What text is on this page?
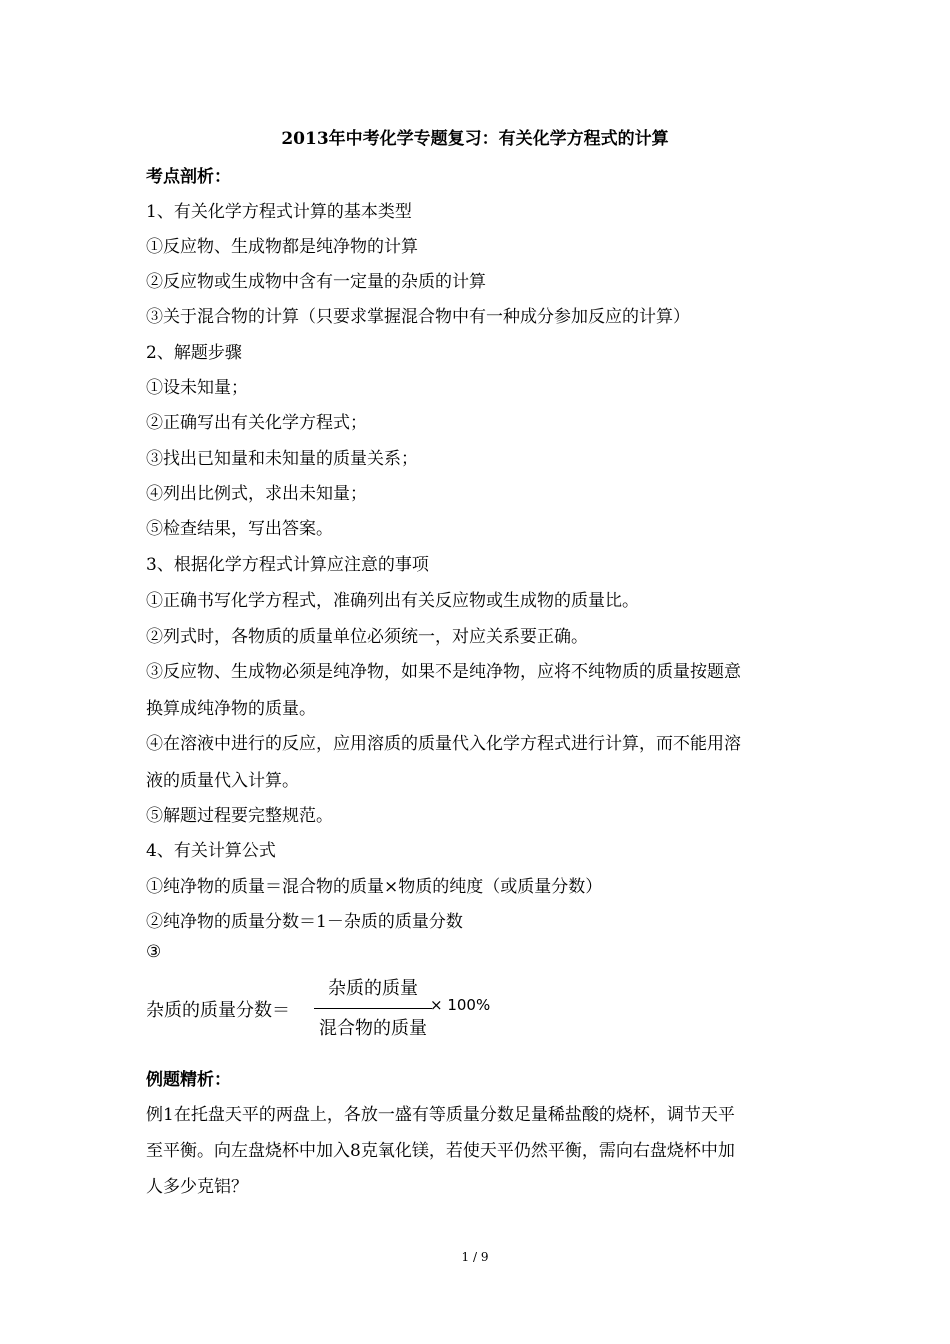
2013年中考化学专题复习：有关化学方程式的计算
考点剖析：
1、有关化学方程式计算的基本类型
①反应物、生成物都是纯净物的计算
②反应物或生成物中含有一定量的杂质的计算
③关于混合物的计算（只要求掌握混合物中有一种成分参加反应的计算）
2、解题步骤
①设未知量；
②正确写出有关化学方程式；
③找出已知量和未知量的质量关系；
④列出比例式，求出未知量；
⑤检查结果，写出答案。
3、根据化学方程式计算应注意的事项
①正确书写化学方程式，准确列出有关反应物或生成物的质量比。
②列式时，各物质的质量单位必须统一，对应关系要正确。
③反应物、生成物必须是纯净物，如果不是纯净物，应将不纯物质的质量按题意
换算成纯净物的质量。
④在溶液中进行的反应，应用溶质的质量代入化学方程式进行计算，而不能用溶
液的质量代入计算。
⑤解题过程要完整规范。
4、有关计算公式
①纯净物的质量＝混合物的质量×物质的纯度（或质量分数）
②纯净物的质量分数＝1－杂质的质量分数
③
杂质的质量分数＝
杂质的质量
混合物的质量
× 100%
例题精析：
例1在托盘天平的两盘上，各放一盛有等质量分数足量稀盐酸的烧杯，调节天平
至平衡。向左盘烧杯中加入8克氧化镁，若使天平仍然平衡，需向右盘烧杯中加
人多少克铝？
1 / 9
